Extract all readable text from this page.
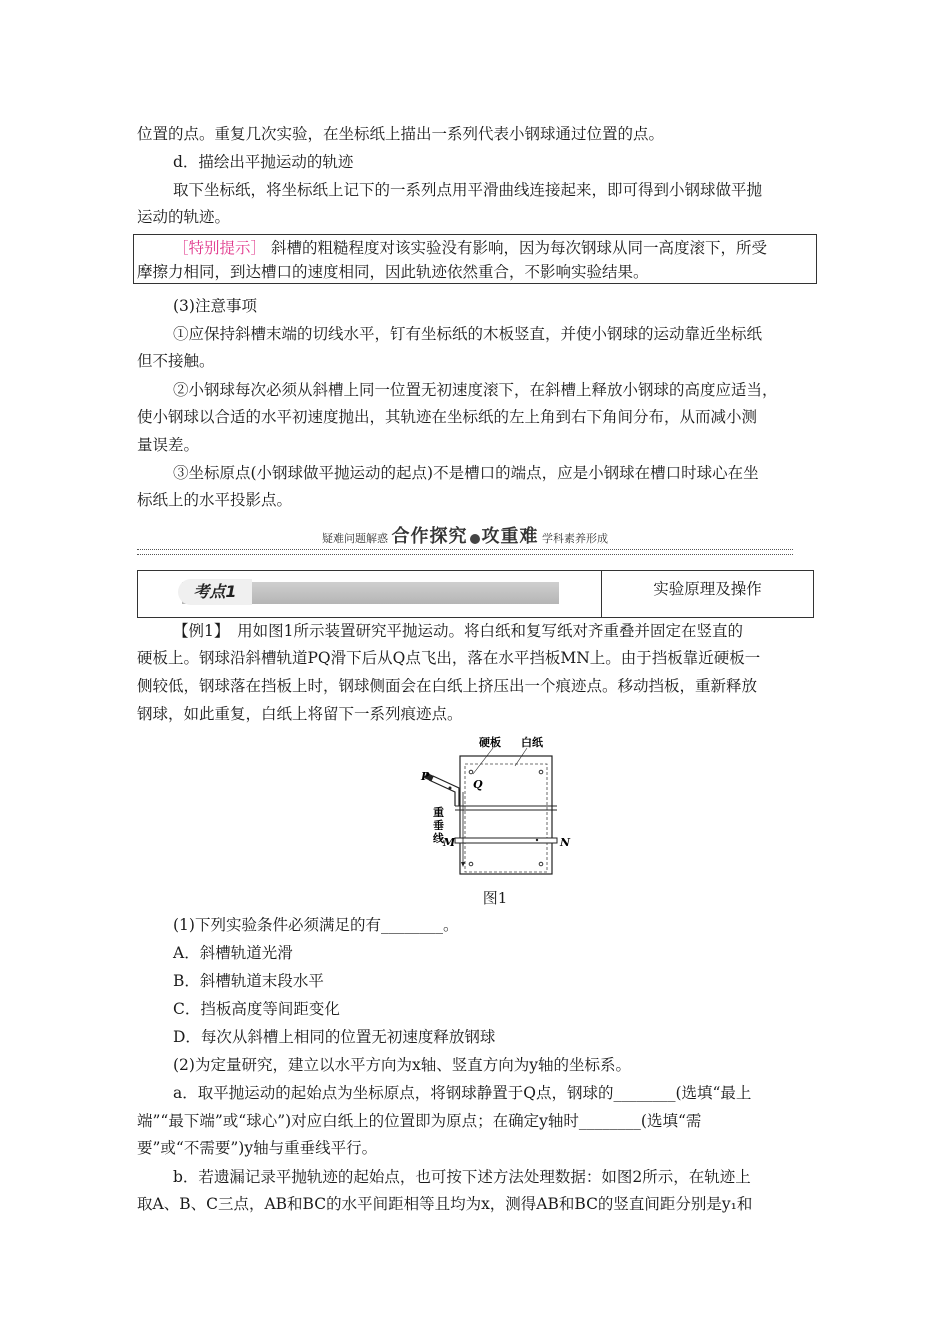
位置的点。重复几次实验，在坐标纸上描出一系列代表小钢球通过位置的点。
d．描绘出平抛运动的轨迹
取下坐标纸，将坐标纸上记下的一系列点用平滑曲线连接起来，即可得到小钢球做平抛
运动的轨迹。
［特别提示］ 斜槽的粗糙程度对该实验没有影响，因为每次钢球从同一高度滚下，所受
摩擦力相同，到达槽口的速度相同，因此轨迹依然重合，不影响实验结果。
(3)注意事项
①应保持斜槽末端的切线水平，钉有坐标纸的木板竖直，并使小钢球的运动靠近坐标纸
但不接触。
②小钢球每次必须从斜槽上同一位置无初速度滚下，在斜槽上释放小钢球的高度应适当，
使小钢球以合适的水平初速度抛出，其轨迹在坐标纸的左上角到右下角间分布，从而减小测
量误差。
③坐标原点(小钢球做平抛运动的起点)不是槽口的端点，应是小钢球在槽口时球心在坐
标纸上的水平投影点。
疑难问题解惑 合作探究 攻重难 学科素养形成
考点1	实验原理及操作
【例1】　用如图1所示装置研究平抛运动。将白纸和复写纸对齐重叠并固定在竖直的
硬板上。钢球沿斜槽轨道PQ滑下后从Q点飞出，落在水平挡板MN上。由于挡板靠近硬板一
侧较低，钢球落在挡板上时，钢球侧面会在白纸上挤压出一个痕迹点。移动挡板，重新释放
钢球，如此重复，白纸上将留下一系列痕迹点。
硬板 白纸
P
Q
重
垂
线 M	N
图1
(1)下列实验条件必须满足的有________。
A．斜槽轨道光滑
B．斜槽轨道末段水平
C．挡板高度等间距变化
D．每次从斜槽上相同的位置无初速度释放钢球
(2)为定量研究，建立以水平方向为x轴、竖直方向为y轴的坐标系。
a．取平抛运动的起始点为坐标原点，将钢球静置于Q点，钢球的________(选填“最上
端”“最下端”或“球心”)对应白纸上的位置即为原点；在确定y轴时________(选填“需
要”或“不需要”)y轴与重垂线平行。
b．若遗漏记录平抛轨迹的起始点，也可按下述方法处理数据：如图2所示，在轨迹上
取A、B、C三点，AB和BC的水平间距相等且均为x，测得AB和BC的竖直间距分别是y₁和
